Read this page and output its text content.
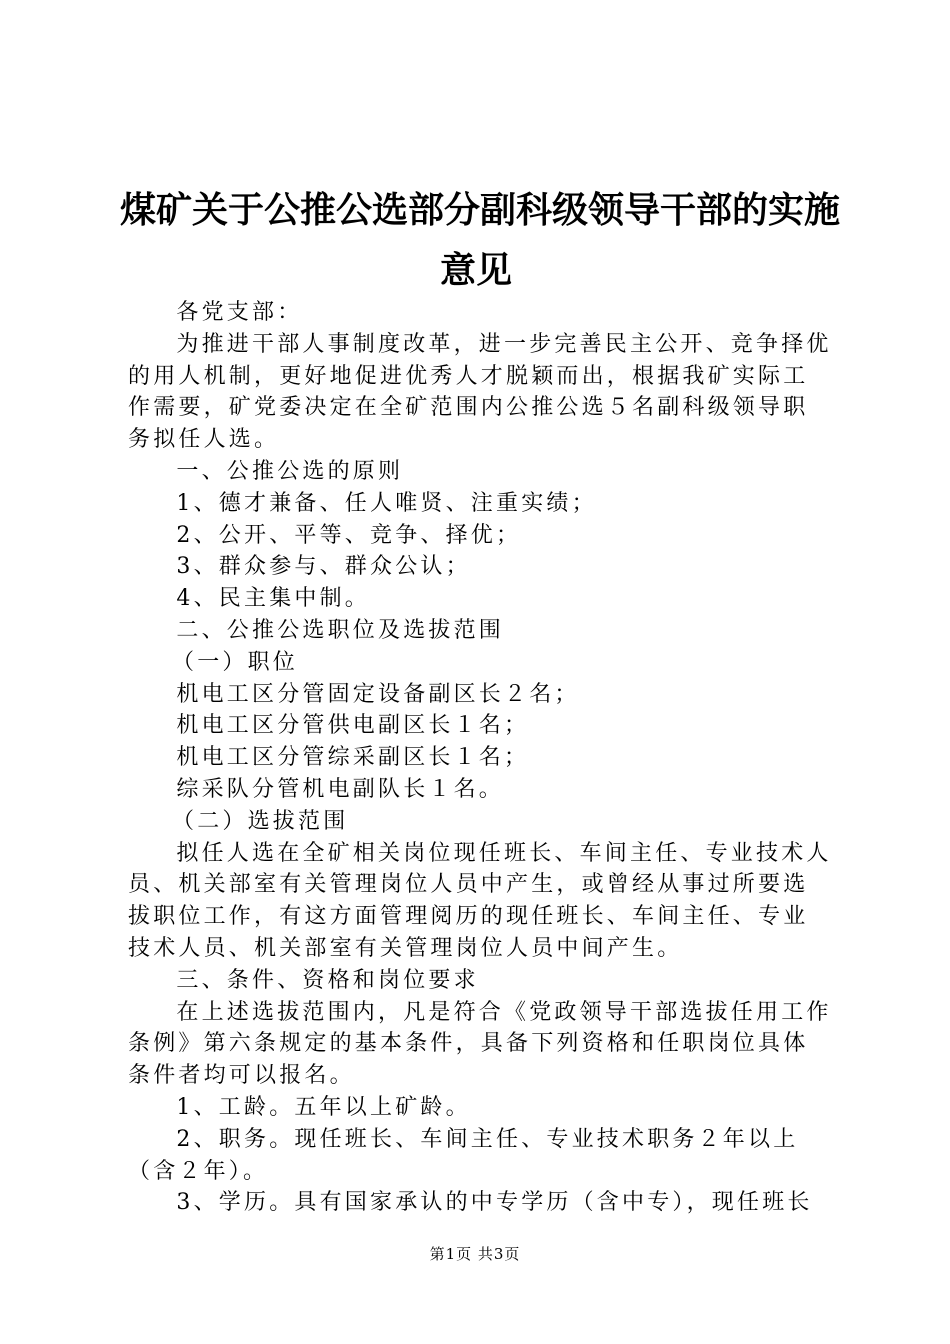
煤矿关于公推公选部分副科级领导干部的实施
意见

各党支部：

为推进干部人事制度改革，进一步完善民主公开、竞争择优的用人机制，更好地促进优秀人才脱颖而出，根据我矿实际工作需要，矿党委决定在全矿范围内公推公选５名副科级领导职务拟任人选。

一、公推公选的原则

1、德才兼备、任人唯贤、注重实绩；

2、公开、平等、竞争、择优；

3、群众参与、群众公认；

4、民主集中制。

二、公推公选职位及选拔范围

（一）职位

机电工区分管固定设备副区长２名；

机电工区分管供电副区长１名；

机电工区分管综采副区长１名；

综采队分管机电副队长１名。

（二）选拔范围

拟任人选在全矿相关岗位现任班长、车间主任、专业技术人员、机关部室有关管理岗位人员中产生，或曾经从事过所要选拔职位工作，有这方面管理阅历的现任班长、车间主任、专业技术人员、机关部室有关管理岗位人员中间产生。

三、条件、资格和岗位要求

在上述选拔范围内，凡是符合《党政领导干部选拔任用工作条例》第六条规定的基本条件，具备下列资格和任职岗位具体条件者均可以报名。

1、工龄。五年以上矿龄。

2、职务。现任班长、车间主任、专业技术职务２年以上（含２年）。

3、学历。具有国家承认的中专学历（含中专），现任班长

第1页 共3页
